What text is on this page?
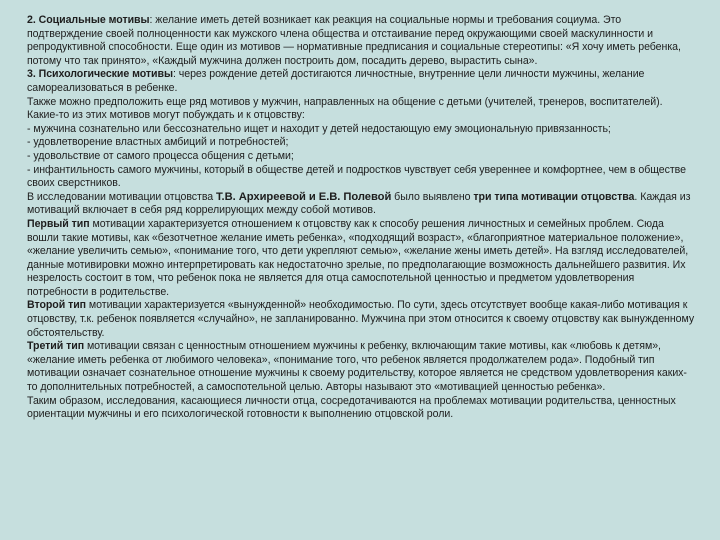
2. Социальные мотивы: желание иметь детей возникает как реакция на социальные нормы и требования социума. Это подтверждение своей полноценности как мужского члена общества и отстаивание перед окружающими своей маскулинности и репродуктивной способности. Еще один из мотивов — нормативные предписания и социальные стереотипы: «Я хочу иметь ребенка, потому что так принято», «Каждый мужчина должен построить дом, посадить дерево, вырастить сына».

3. Психологические мотивы: через рождение детей достигаются личностные, внутренние цели личности мужчины, желание самореализоваться в ребенке.

Также можно предположить еще ряд мотивов у мужчин, направленных на общение с детьми (учителей, тренеров, воспитателей). Какие-то из этих мотивов могут побуждать и к отцовству:

- мужчина сознательно или бессознательно ищет и находит у детей недостающую ему эмоциональную привязанность;

- удовлетворение властных амбиций и потребностей;

- удовольствие от самого процесса общения с детьми;

- инфантильность самого мужчины, который в обществе детей и подростков чувствует себя увереннее и комфортнее, чем в обществе своих сверстников.

В исследовании мотивации отцовства Т.В. Архиреевой и Е.В. Полевой было выявлено три типа мотивации отцовства. Каждая из мотиваций включает в себя ряд коррелирующих между собой мотивов.

Первый тип мотивации характеризуется отношением к отцовству как к способу решения личностных и семейных проблем. Сюда вошли такие мотивы, как «безотчетное желание иметь ребенка», «подходящий возраст», «благоприятное материальное положение», «желание увеличить семью», «понимание того, что дети укрепляют семью», «желание жены иметь детей». На взгляд исследователей, данные мотивировки можно интерпретировать как недостаточно зрелые, по предполагающие возможность дальнейшего развития. Их незрелость состоит в том, что ребенок пока не является для отца самоспотельной ценностью и предметом удовлетворения потребности в родительстве.

Второй тип мотивации характеризуется «вынужденной» необходимостью. По сути, здесь отсутствует вообще какая-либо мотивация к отцовству, т.к. ребенок появляется «случайно», не запланированно. Мужчина при этом относится к своему отцовству как вынужденному обстоятельству.

Третий тип мотивации связан с ценностным отношением мужчины к ребенку, включающим такие мотивы, как «любовь к детям», «желание иметь ребенка от любимого человека», «понимание того, что ребенок является продолжателем рода». Подобный тип мотивации означает сознательное отношение мужчины к своему родительству, которое является не средством удовлетворения каких-то дополнительных потребностей, а самоспотельной целью. Авторы называют это «мотивацией ценностью ребенка».

Таким образом, исследования, касающиеся личности отца, сосредотачиваются на проблемах мотивации родительства, ценностных ориентации мужчины и его психологической готовности к выполнению отцовской роли.
